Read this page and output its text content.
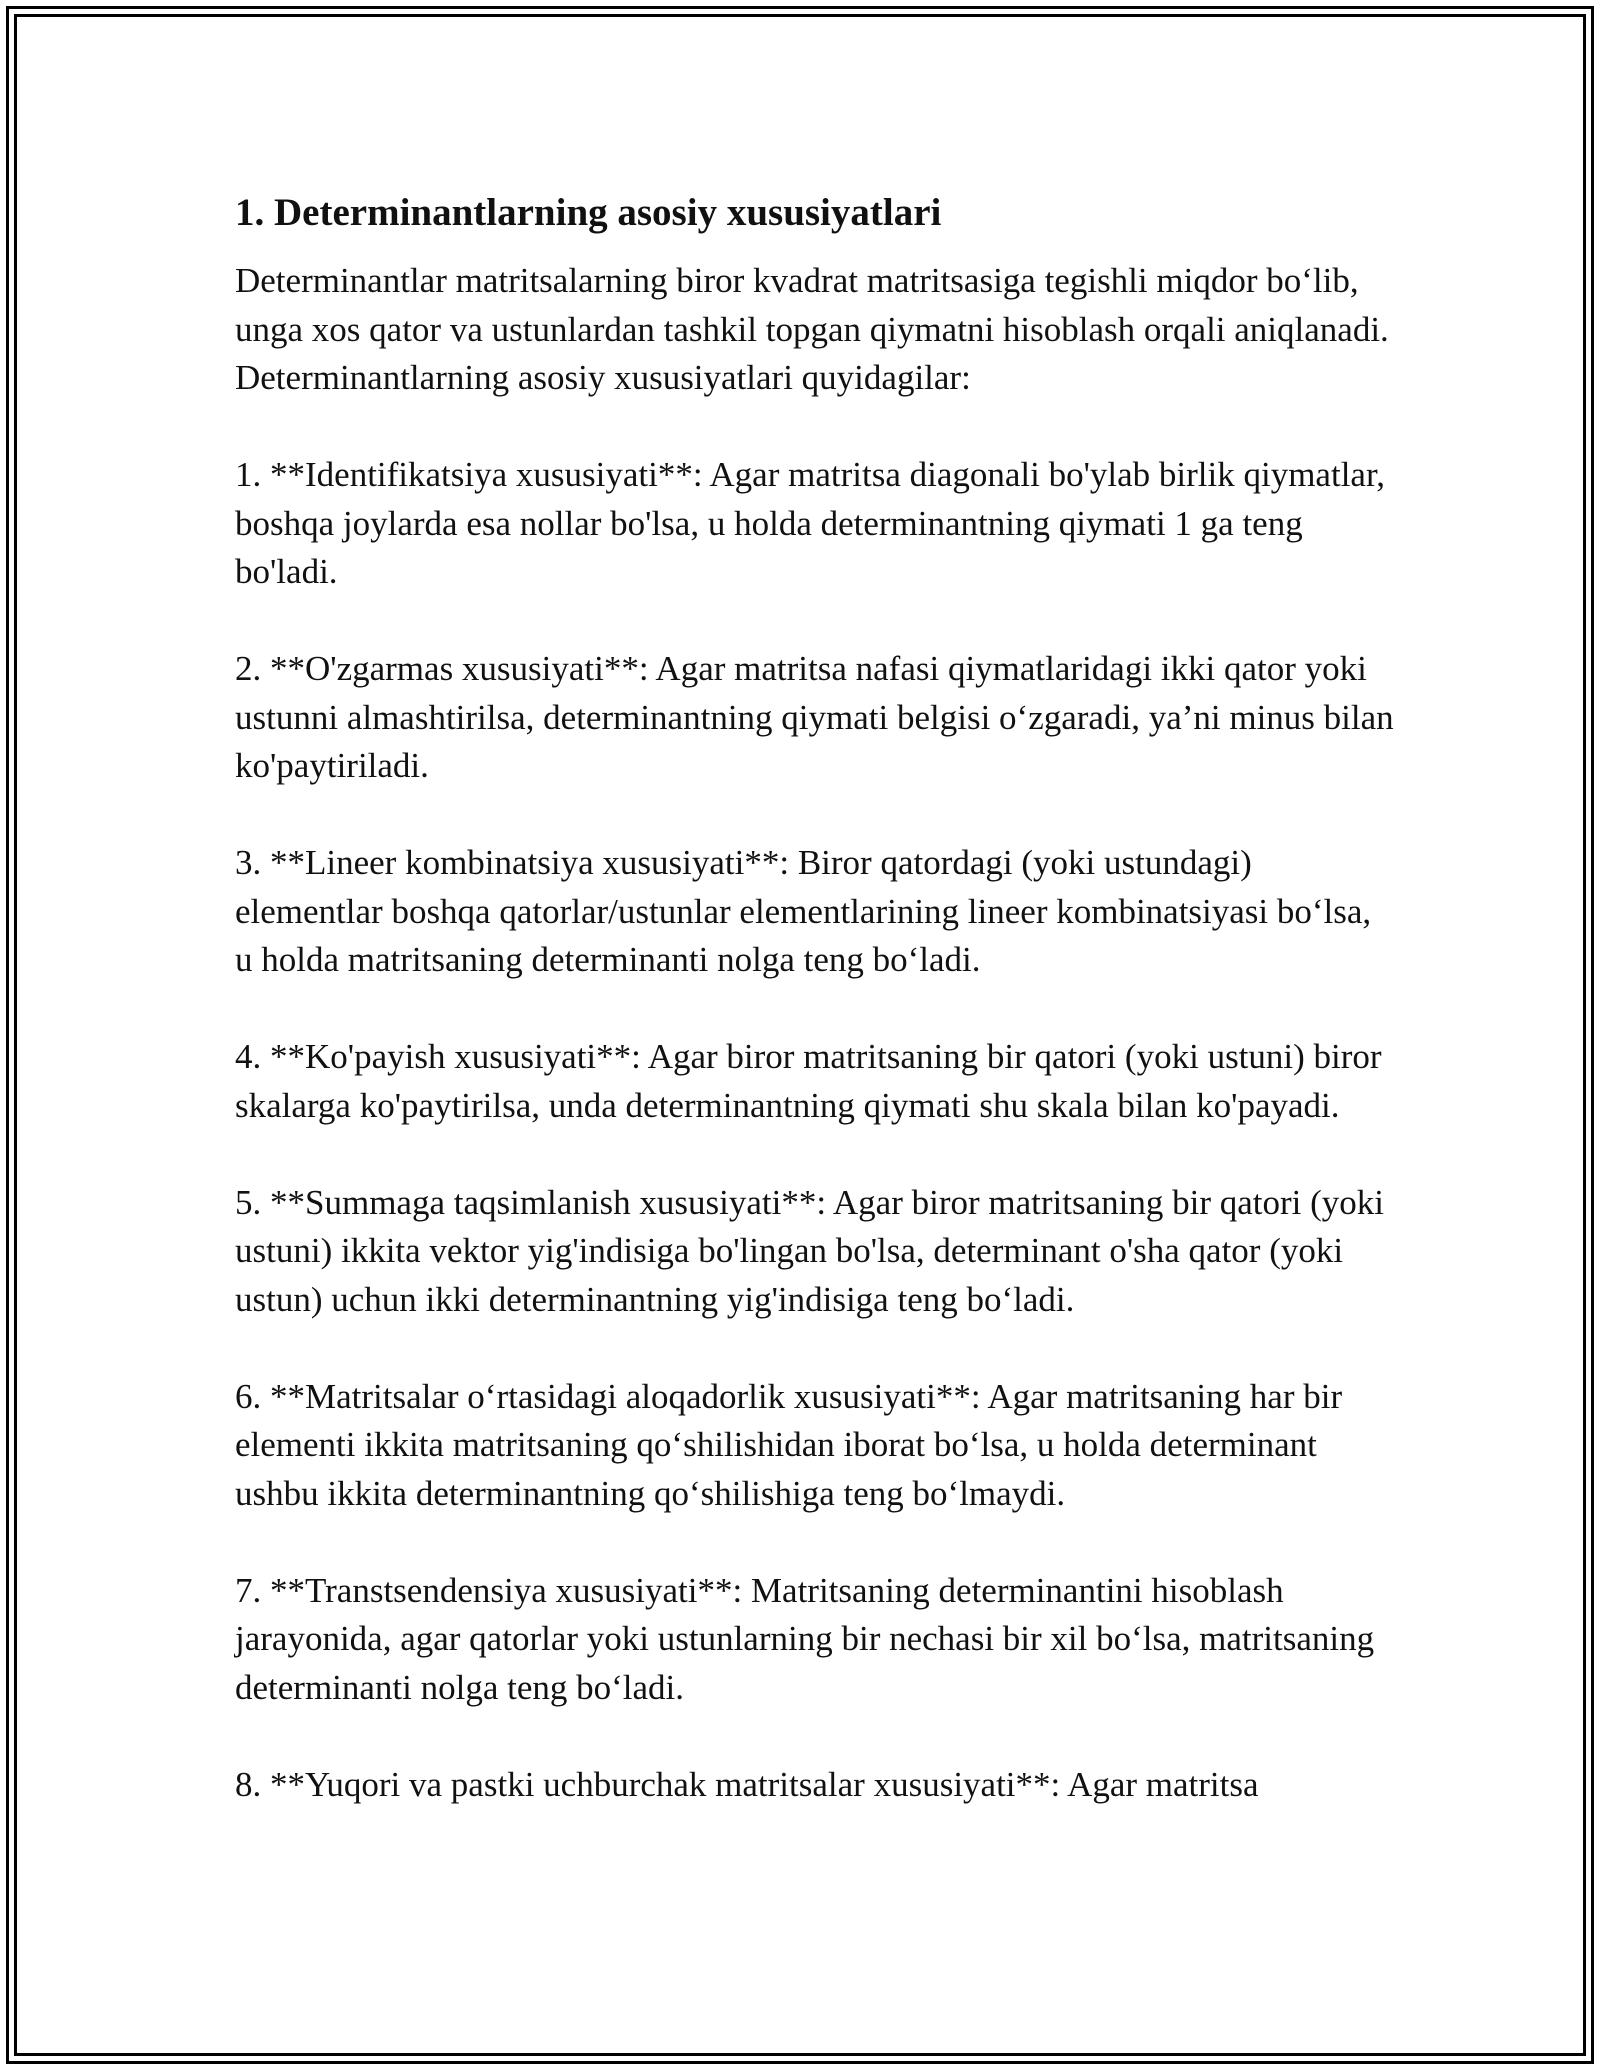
1. Determinantlarning asosiy xususiyatlari

Determinantlar matritsalarning biror kvadrat matritsasiga tegishli miqdor bo‘lib, unga xos qator va ustunlardan tashkil topgan qiymatni hisoblash orqali aniqlanadi. Determinantlarning asosiy xususiyatlari quyidagilar:

1. **Identifikatsiya xususiyati**: Agar matritsa diagonali bo'ylab birlik qiymatlar, boshqa joylarda esa nollar bo'lsa, u holda determinantning qiymati 1 ga teng bo'ladi.

2. **O'zgarmas xususiyati**: Agar matritsa nafasi qiymatlaridagi ikki qator yoki ustunni almashtirilsa, determinantning qiymati belgisi o‘zgaradi, ya’ni minus bilan ko'paytiriladi.

3. **Lineer kombinatsiya xususiyati**: Biror qatordagi (yoki ustundagi) elementlar boshqa qatorlar/ustunlar elementlarining lineer kombinatsiyasi bo‘lsa, u holda matritsaning determinanti nolga teng bo‘ladi.

4. **Ko'payish xususiyati**: Agar biror matritsaning bir qatori (yoki ustuni) biror skalarga ko'paytirilsa, unda determinantning qiymati shu skala bilan ko'payadi.

5. **Summaga taqsimlanish xususiyati**: Agar biror matritsaning bir qatori (yoki ustuni) ikkita vektor yig'indisiga bo'lingan bo'lsa, determinant o'sha qator (yoki ustun) uchun ikki determinantning yig'indisiga teng bo‘ladi.

6. **Matritsalar o‘rtasidagi aloqadorlik xususiyati**: Agar matritsaning har bir elementi ikkita matritsaning qo‘shilishidan iborat bo‘lsa, u holda determinant ushbu ikkita determinantning qo‘shilishiga teng bo‘lmaydi.

7. **Transtsendensiya xususiyati**: Matritsaning determinantini hisoblash jarayonida, agar qatorlar yoki ustunlarning bir nechasi bir xil bo‘lsa, matritsaning determinanti nolga teng bo‘ladi.

8. **Yuqori va pastki uchburchak matritsalar xususiyati**: Agar matritsa
